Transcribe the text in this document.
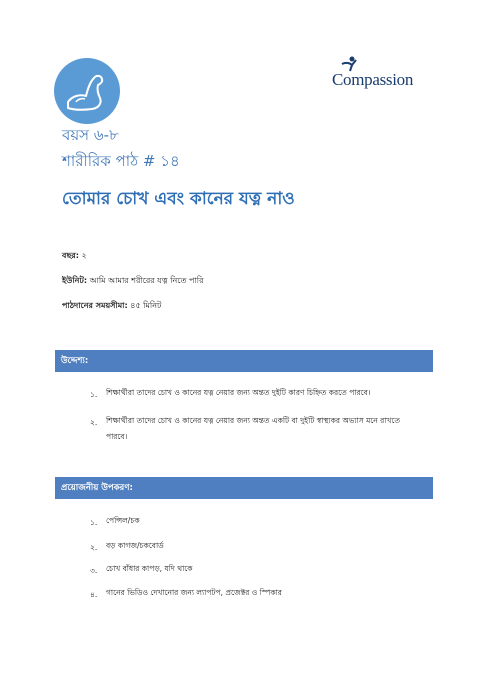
Compassion
বয়স ৬-৮
শারীরিক পাঠ # ১৪
তোমার চোখ এবং কানের যত্ন নাও
বছর: ২
ইউনিট: আমি আমার শরীরের যত্ন নিতে পারি
পাঠদানের সময়সীমা: ৪৫ মিনিট
উদ্দেশ্য:
১. শিক্ষার্থীরা তাদের চোখ ও কানের যত্ন নেয়ার জন্য অন্তত দুইটি কারণ চিহ্নিত করতে পারবে।
২. শিক্ষার্থীরা তাদের চোখ ও কানের যত্ন নেয়ার জন্য অন্তত একটি বা দুইটি স্বাস্থ্যকর অভ্যাস মনে রাখতে
পারবে।
প্রয়োজনীয় উপকরণ:
১. পেন্সিল/চক
২. বড় কাগজ/চকবোর্ড
৩. চোখ বাঁধার কাপড়, যদি থাকে
৪. গানের ভিডিও দেখানোর জন্য ল্যাপটপ, প্রজেক্টর ও স্পিকার
